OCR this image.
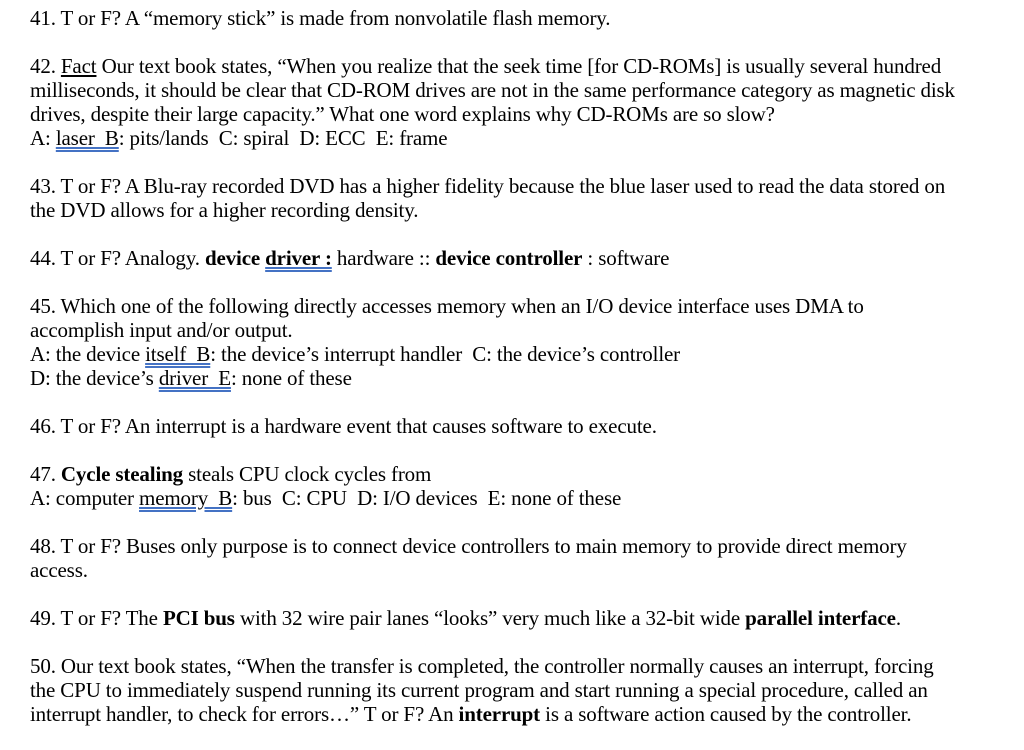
41. T or F? A “memory stick” is made from nonvolatile flash memory.
42. Fact Our text book states, “When you realize that the seek time [for CD-ROMs] is usually several hundred
milliseconds, it should be clear that CD-ROM drives are not in the same performance category as magnetic disk
drives, despite their large capacity.” What one word explains why CD-ROMs are so slow?
A: laser  B: pits/lands  C: spiral  D: ECC  E: frame
43. T or F? A Blu-ray recorded DVD has a higher fidelity because the blue laser used to read the data stored on
the DVD allows for a higher recording density.
44. T or F? Analogy. device driver : hardware :: device controller : software
45. Which one of the following directly accesses memory when an I/O device interface uses DMA to
accomplish input and/or output.
A: the device itself  B: the device’s interrupt handler  C: the device’s controller
D: the device’s driver  E: none of these
46. T or F? An interrupt is a hardware event that causes software to execute.
47. Cycle stealing steals CPU clock cycles from
A: computer memory  B: bus  C: CPU  D: I/O devices  E: none of these
48. T or F? Buses only purpose is to connect device controllers to main memory to provide direct memory
access.
49. T or F? The PCI bus with 32 wire pair lanes “looks” very much like a 32-bit wide parallel interface.
50. Our text book states, “When the transfer is completed, the controller normally causes an interrupt, forcing
the CPU to immediately suspend running its current program and start running a special procedure, called an
interrupt handler, to check for errors…” T or F? An interrupt is a software action caused by the controller.
